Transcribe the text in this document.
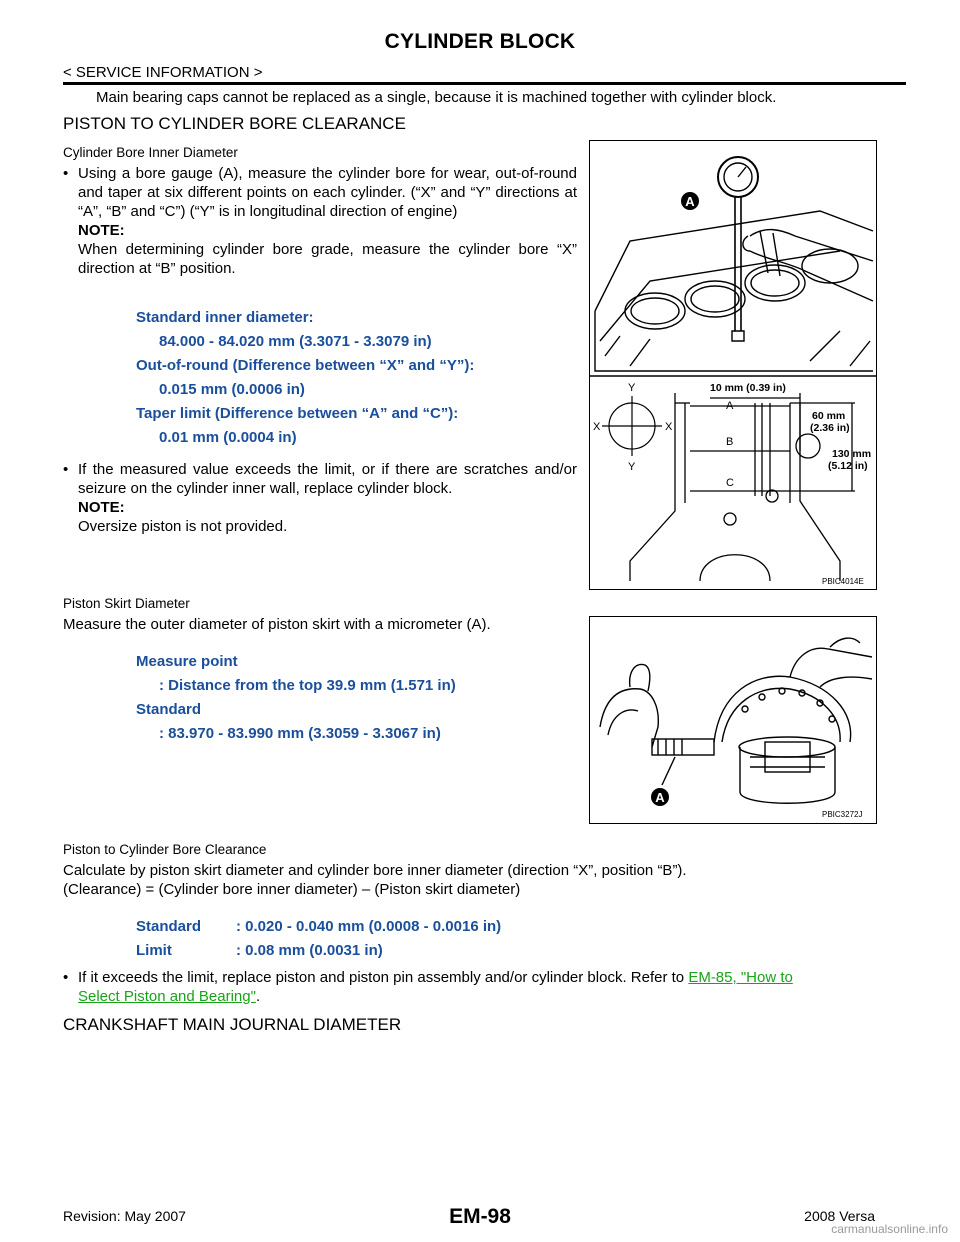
CYLINDER BLOCK
< SERVICE INFORMATION >
Main bearing caps cannot be replaced as a single, because it is machined together with cylinder block.
PISTON TO CYLINDER BORE CLEARANCE
Cylinder Bore Inner Diameter
• Using a bore gauge (A), measure the cylinder bore for wear, out-of-round and taper at six different points on each cylinder. (“X” and “Y” directions at “A”, “B” and “C”) (“Y” is in longitudinal direction of engine)
NOTE:
When determining cylinder bore grade, measure the cylinder bore “X” direction at “B” position.
Standard inner diameter:
84.000 - 84.020 mm (3.3071 - 3.3079 in)
Out-of-round (Difference between “X” and “Y”):
0.015 mm (0.0006 in)
Taper limit (Difference between “A” and “C”):
0.01 mm (0.0004 in)
• If the measured value exceeds the limit, or if there are scratches and/or seizure on the cylinder inner wall, replace cylinder block.
NOTE:
Oversize piston is not provided.
A
Y
Y
X	X
10 mm (0.39 in)
60 mm
(2.36 in)
130 mm
(5.12 in)
A
B
C
PBIC4014E
Piston Skirt Diameter
Measure the outer diameter of piston skirt with a micrometer (A).
Measure point
: Distance from the top 39.9 mm (1.571 in)
Standard
: 83.970 - 83.990 mm (3.3059 - 3.3067 in)
A
PBIC3272J
Piston to Cylinder Bore Clearance
Calculate by piston skirt diameter and cylinder bore inner diameter (direction “X”, position “B”).
(Clearance) = (Cylinder bore inner diameter) – (Piston skirt diameter)
Standard : 0.020 - 0.040 mm (0.0008 - 0.0016 in)
Limit	: 0.08 mm (0.0031 in)
• If it exceeds the limit, replace piston and piston pin assembly and/or cylinder block. Refer to EM-85, "How to
Select Piston and Bearing".
CRANKSHAFT MAIN JOURNAL DIAMETER
Revision: May 2007	EM-98	2008 Versa
carmanualsonline.info
